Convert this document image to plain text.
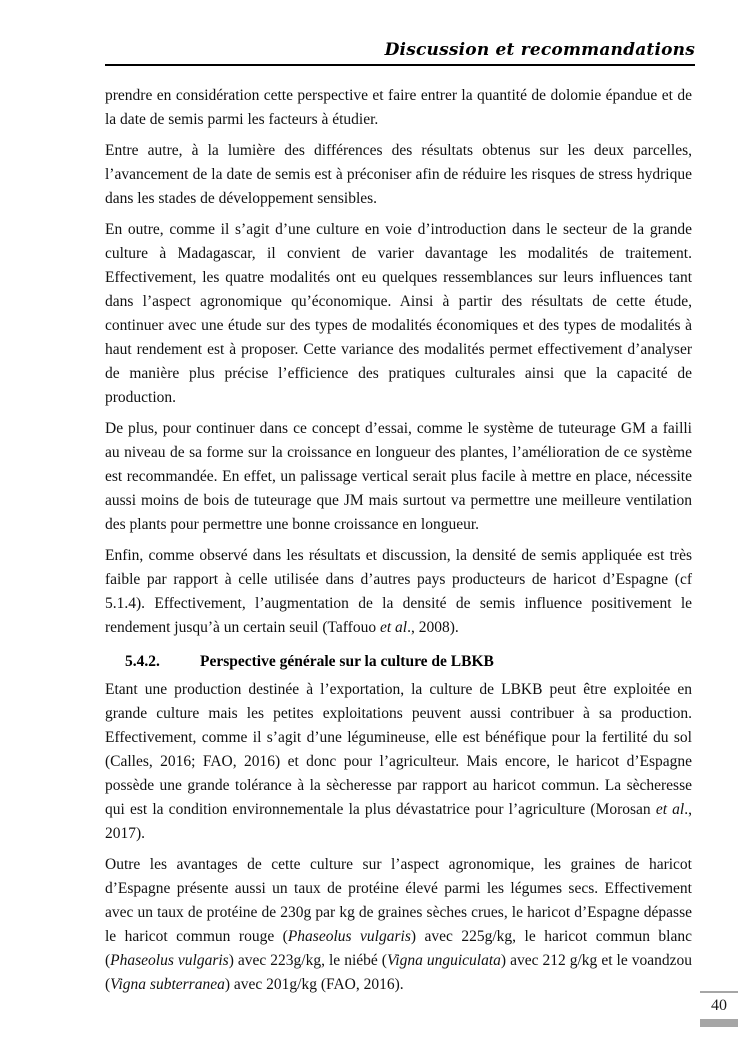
Discussion et recommandations

prendre en considération cette perspective et faire entrer la quantité de dolomie épandue et de la date de semis parmi les facteurs à étudier.

Entre autre, à la lumière des différences des résultats obtenus sur les deux parcelles, l’avancement de la date de semis est à préconiser afin de réduire les risques de stress hydrique dans les stades de développement sensibles.

En outre, comme il s’agit d’une culture en voie d’introduction dans le secteur de la grande culture à Madagascar, il convient de varier davantage les modalités de traitement. Effectivement, les quatre modalités ont eu quelques ressemblances sur leurs influences tant dans l’aspect agronomique qu’économique. Ainsi à partir des résultats de cette étude, continuer avec une étude sur des types de modalités économiques et des types de modalités à haut rendement est à proposer. Cette variance des modalités permet effectivement d’analyser de manière plus précise l’efficience des pratiques culturales ainsi que la capacité de production.

De plus, pour continuer dans ce concept d’essai, comme le système de tuteurage GM a failli au niveau de sa forme sur la croissance en longueur des plantes, l’amélioration de ce système est recommandée. En effet, un palissage vertical serait plus facile à mettre en place, nécessite aussi moins de bois de tuteurage que JM mais surtout va permettre une meilleure ventilation des plants pour permettre une bonne croissance en longueur.

Enfin, comme observé dans les résultats et discussion, la densité de semis appliquée est très faible par rapport à celle utilisée dans d’autres pays producteurs de haricot d’Espagne (cf 5.1.4). Effectivement, l’augmentation de la densité de semis influence positivement le rendement jusqu’à un certain seuil (Taffouo et al., 2008).

5.4.2.	Perspective générale sur la culture de LBKB

Etant une production destinée à l’exportation, la culture de LBKB peut être exploitée en grande culture mais les petites exploitations peuvent aussi contribuer à sa production. Effectivement, comme il s’agit d’une légumineuse, elle est bénéfique pour la fertilité du sol (Calles, 2016; FAO, 2016) et donc pour l’agriculteur. Mais encore, le haricot d’Espagne possède une grande tolérance à la sècheresse par rapport au haricot commun. La sècheresse qui est la condition environnementale la plus dévastatrice pour l’agriculture (Morosan et al., 2017).

Outre les avantages de cette culture sur l’aspect agronomique, les graines de haricot d’Espagne présente aussi un taux de protéine élevé parmi les légumes secs. Effectivement avec un taux de protéine de 230g par kg de graines sèches crues, le haricot d’Espagne dépasse le haricot commun rouge (Phaseolus vulgaris) avec 225g/kg, le haricot commun blanc (Phaseolus vulgaris) avec 223g/kg, le niébé (Vigna unguiculata) avec 212 g/kg et le voandzou (Vigna subterranea) avec 201g/kg (FAO, 2016).

40
